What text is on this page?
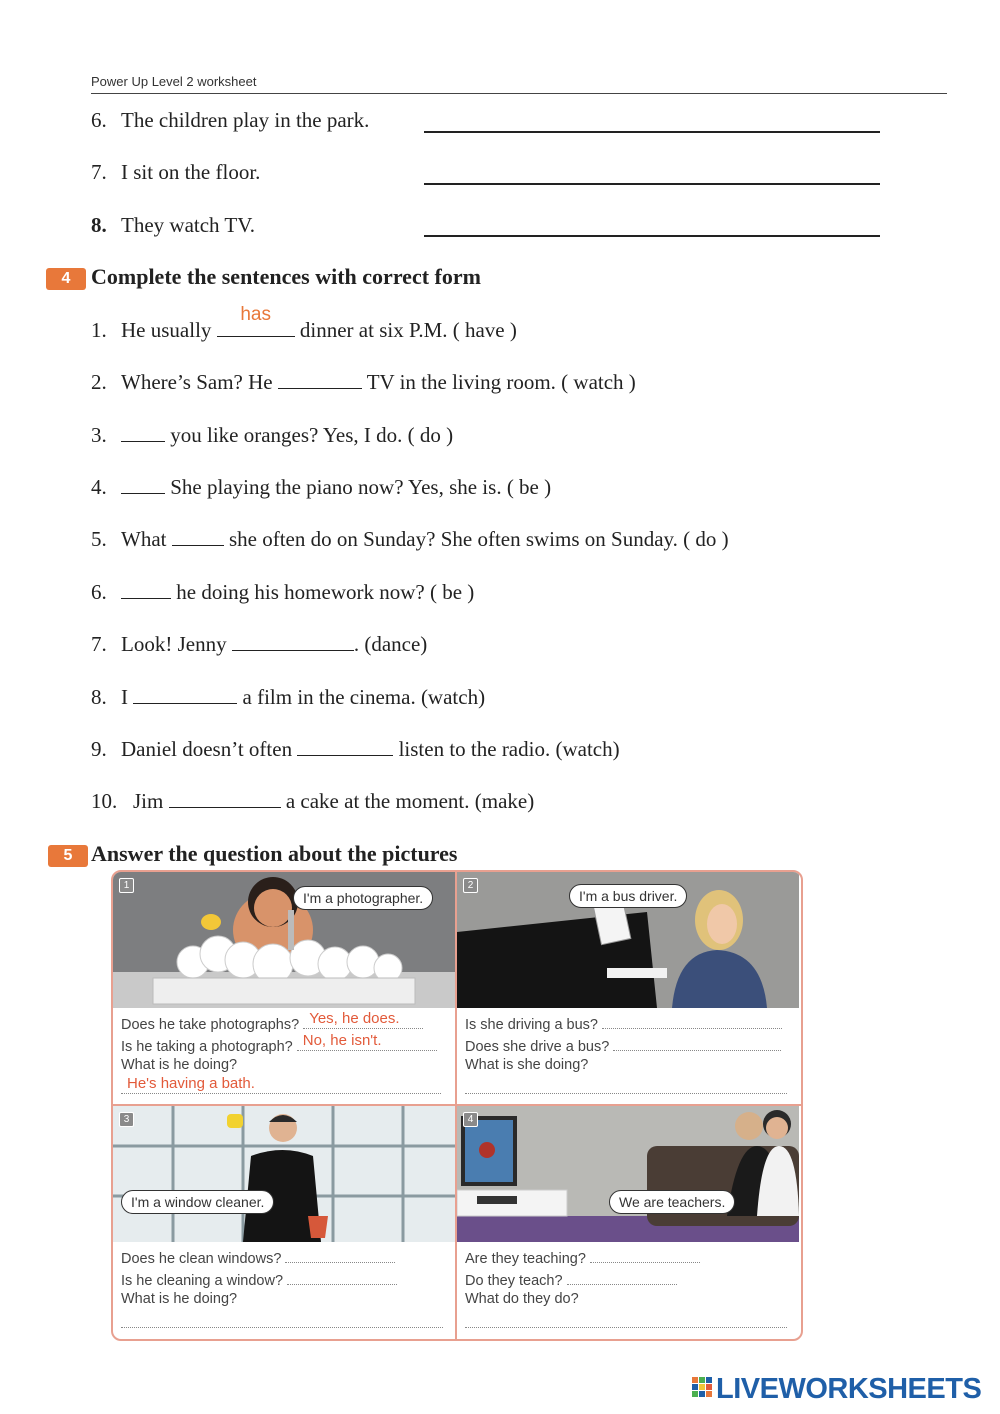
Power Up Level 2 worksheet
6. The children play in the park.
7. I sit on the floor.
8. They watch TV.
4 Complete the sentences with correct form
1. He usually
has
dinner at six P.M. ( have )
2. Where’s Sam? He	TV in the living room. ( watch )
3.	you like oranges? Yes, I do. ( do )
4.	She playing the piano now? Yes, she is. ( be )
5. What  she often do on Sunday? She often swims on Sunday. ( do )
6.	he doing his homework now? ( be )
7. Look! Jenny	. (dance)
8. I	a film in the cinema. (watch)
9. Daniel doesn’t often	listen to the radio. (watch)
10. Jim	a cake at the moment. (make)
5 Answer the question about the pictures
1
I'm a photographer.
Does he take photographs? Yes, he does.
Is he taking a photograph? No, he isn't.
What is he doing?
He's having a bath.
2
I'm a bus driver.
Is she driving a bus?
Does she drive a bus?
What is she doing?
3
I'm a window cleaner.
Does he clean windows?
Is he cleaning a window?
What is he doing?
4
We are teachers.
Are they teaching?
Do they teach?
What do they do?
LIVEWORKSHEETS
